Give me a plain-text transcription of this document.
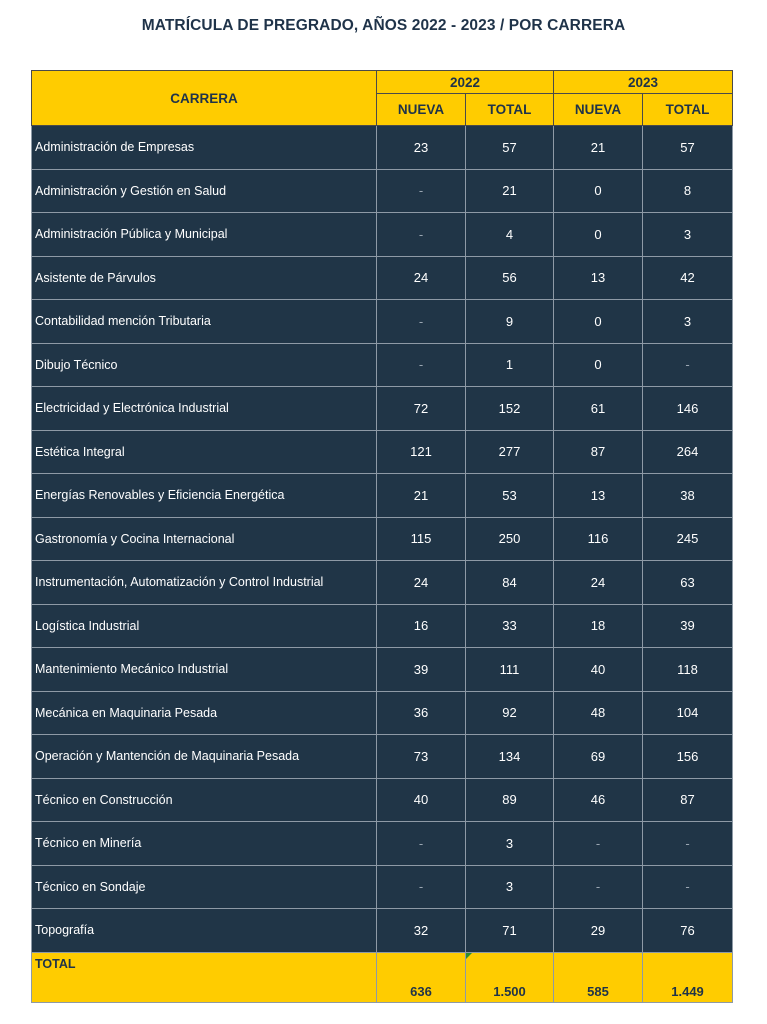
MATRÍCULA DE PREGRADO, AÑOS 2022 - 2023 / POR CARRERA
CARRERA	2022		2023	
	NUEVA	TOTAL	NUEVA	TOTAL
Administración de Empresas	23	57	21	57
Administración y Gestión en Salud	-	21	0	8
Administración Pública y Municipal	-	4	0	3
Asistente de Párvulos	24	56	13	42
Contabilidad mención Tributaria	-	9	0	3
Dibujo Técnico	-	1	0	-
Electricidad y Electrónica Industrial	72	152	61	146
Estética Integral	121	277	87	264
Energías Renovables y Eficiencia Energética	21	53	13	38
Gastronomía y Cocina Internacional	115	250	116	245
Instrumentación, Automatización y Control Industrial	24	84	24	63
Logística Industrial	16	33	18	39
Mantenimiento Mecánico Industrial	39	111	40	118
Mecánica en Maquinaria Pesada	36	92	48	104
Operación y Mantención de Maquinaria Pesada	73	134	69	156
Técnico en Construcción	40	89	46	87
Técnico en Minería	-	3	-	-
Técnico en Sondaje	-	3	-	-
Topografía	32	71	29	76
TOTAL	636	1.500	585	1.449
